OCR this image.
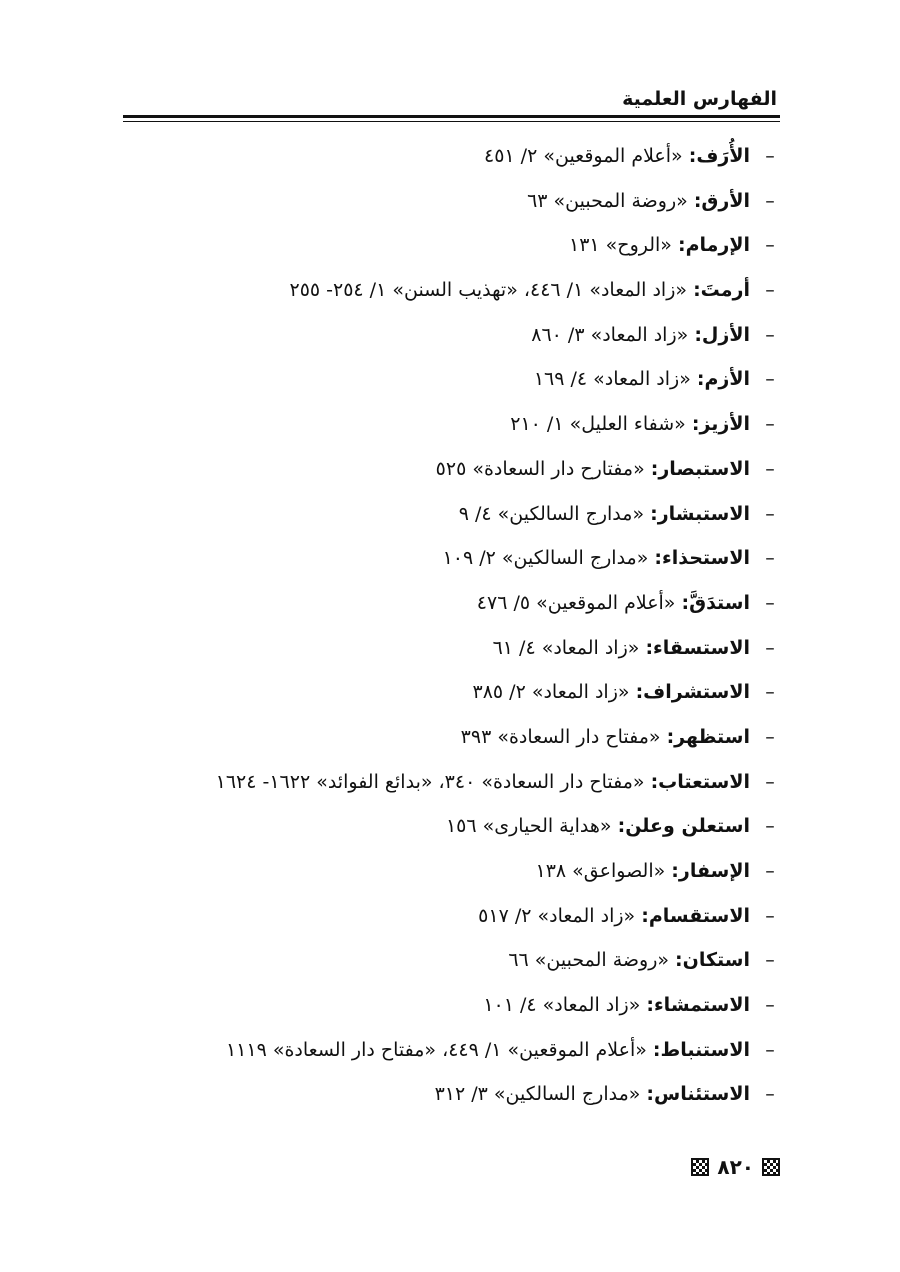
الفهارس العلمية
–الأُرَف: «أعلام الموقعين» ٢/ ٤٥١
–الأرق: «روضة المحبين» ٦٣
–الإرمام: «الروح» ١٣١
–أرمتَ: «زاد المعاد» ١/ ٤٤٦، «تهذيب السنن» ١/ ٢٥٤- ٢٥٥
–الأزل: «زاد المعاد» ٣/ ٨٦٠
–الأزم: «زاد المعاد» ٤/ ١٦٩
–الأزيز: «شفاء العليل» ١/ ٢١٠
–الاستبصار: «مفتارح دار السعادة» ٥٢٥
–الاستبشار: «مدارج السالكين» ٤/ ٩
–الاستحذاء: «مدارج السالكين» ٢/ ١٠٩
–استدَقَّ: «أعلام الموقعين» ٥/ ٤٧٦
–الاستسقاء: «زاد المعاد» ٤/ ٦١
–الاستشراف: «زاد المعاد» ٢/ ٣٨٥
–استظهر: «مفتاح دار السعادة» ٣٩٣
–الاستعتاب: «مفتاح دار السعادة» ٣٤٠، «بدائع الفوائد» ١٦٢٢- ١٦٢٤
–استعلن وعلن: «هداية الحيارى» ١٥٦
–الإسفار: «الصواعق» ١٣٨
–الاستقسام: «زاد المعاد» ٢/ ٥١٧
–استكان: «روضة المحبين» ٦٦
–الاستمشاء: «زاد المعاد» ٤/ ١٠١
–الاستنباط: «أعلام الموقعين» ١/ ٤٤٩، «مفتاح دار السعادة» ١١١٩
–الاستئناس: «مدارج السالكين» ٣/ ٣١٢
٨٢٠
